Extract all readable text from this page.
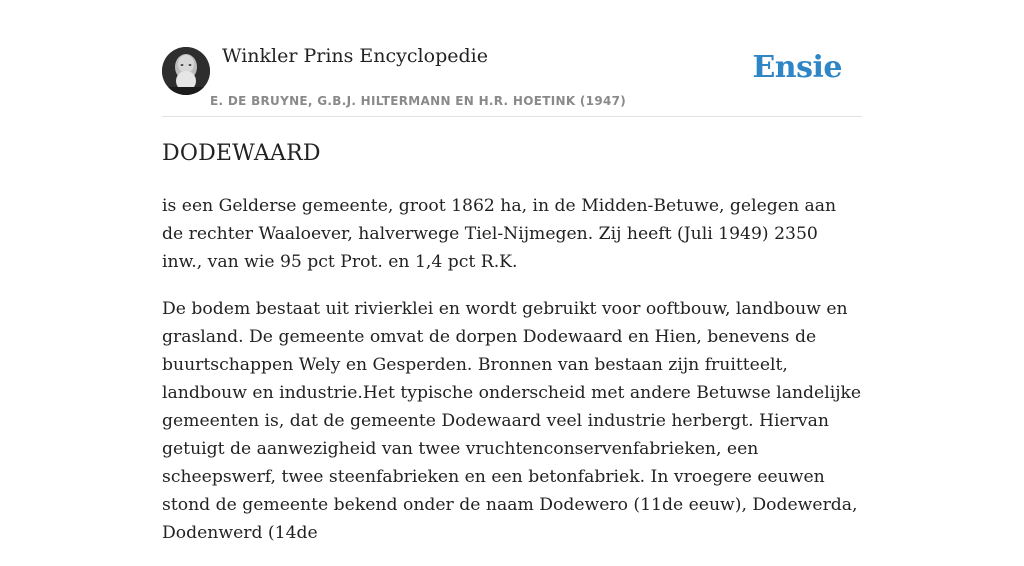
Winkler Prins Encyclopedie
E. DE BRUYNE, G.B.J. HILTERMANN EN H.R. HOETINK (1947)
Ensie
DODEWAARD

is een Gelderse gemeente, groot 1862 ha, in de Midden-Betuwe, gelegen aan de rechter Waaloever, halverwege Tiel-Nijmegen. Zij heeft (Juli 1949) 2350 inw., van wie 95 pct Prot. en 1,4 pct R.K.

De bodem bestaat uit rivierklei en wordt gebruikt voor ooftbouw, landbouw en grasland. De gemeente omvat de dorpen Dodewaard en Hien, benevens de buurtschappen Wely en Gesperden. Bronnen van bestaan zijn fruitteelt, landbouw en industrie.Het typische onderscheid met andere Betuwse landelijke gemeenten is, dat de gemeente Dodewaard veel industrie herbergt. Hiervan getuigt de aanwezigheid van twee vruchtenconservenfabrieken, een scheepswerf, twee steenfabrieken en een betonfabriek. In vroegere eeuwen stond de gemeente bekend onder de naam Dodewero (11de eeuw), Dodewerda, Dodenwerd (14de
